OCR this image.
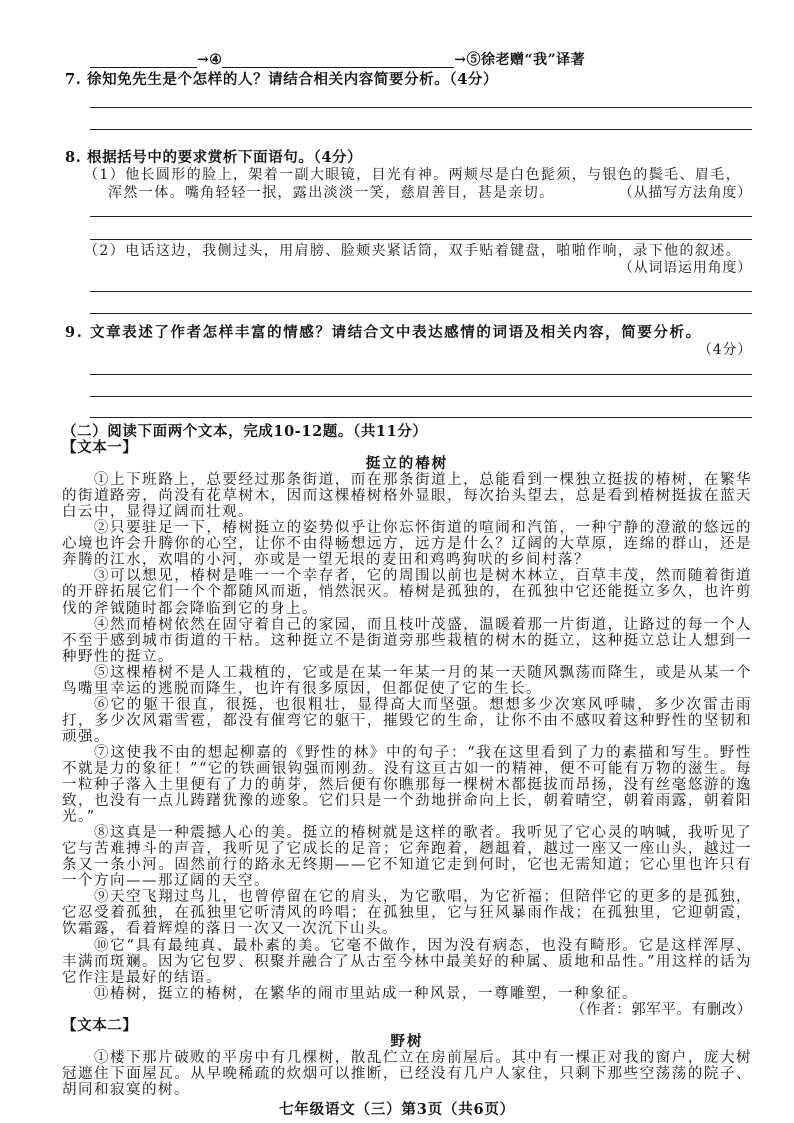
→④	→⑤徐老赠“我”译著
7. 徐知免先生是个怎样的人？请结合相关内容简要分析。（4分）
8. 根据括号中的要求赏析下面语句。（4分）
（1）他长圆形的脸上，架着一副大眼镜，目光有神。两颊尽是白色髭须，与银色的鬓毛、眉毛，
浑然一体。嘴角轻轻一抿，露出淡淡一笑，慈眉善目，甚是亲切。	（从描写方法角度）
（2）电话这边，我侧过头，用肩膀、脸颊夹紧话筒，双手贴着键盘，啪啪作响，录下他的叙述。
（从词语运用角度）
9. 文章表述了作者怎样丰富的情感？请结合文中表达感情的词语及相关内容，简要分析。
（4分）
（二）阅读下面两个文本，完成10-12题。（共11分）
【文本一】
挺立的椿树

①上下班路上，总要经过那条街道，而在那条街道上，总能看到一棵独立挺拔的椿树，在繁华的街道路旁，尚没有花草树木，因而这棵椿树格外显眼，每次抬头望去，总是看到椿树挺拔在蓝天白云中，显得辽阔而壮观。

②只要驻足一下，椿树挺立的姿势似乎让你忘怀街道的喧闹和汽笛，一种宁静的澄澈的悠远的心境也许会升腾你的心空，让你不由得畅想远方，远方是什么？辽阔的大草原，连绵的群山，还是奔腾的江水，欢唱的小河，亦或是一望无垠的麦田和鸡鸣狗吠的乡间村落？

③可以想见，椿树是唯一一个幸存者，它的周围以前也是树木林立，百草丰茂，然而随着街道的开辟拓展它们一个个都随风而逝，悄然泯灭。椿树是孤独的，在孤独中它还能挺立多久，也许剪伐的斧钺随时都会降临到它的身上。

④然而椿树依然在固守着自己的家园，而且枝叶茂盛，温暖着那一片街道，让路过的每一个人不至于感到城市街道的干枯。这种挺立不是街道旁那些栽植的树木的挺立，这种挺立总让人想到一种野性的挺立。

⑤这棵椿树不是人工栽植的，它或是在某一年某一月的某一天随风飘荡而降生，或是从某一个鸟嘴里幸运的逃脱而降生，也许有很多原因，但都促使了它的生长。

⑥它的躯干很直，很挺，也很粗壮，显得高大而坚强。想想多少次寒风呼啸，多少次雷击雨打，多少次风霜雪雹，都没有催弯它的躯干，摧毁它的生命，让你不由不感叹着这种野性的坚韧和顽强。

⑦这使我不由的想起柳嘉的《野性的林》中的句子：“我在这里看到了力的素描和写生。野性不就是力的象征！”“它的铁画银钩强而刚劲。没有这亘古如一的精神，便不可能有万物的滋生。每一粒种子落入土里便有了力的萌芽，然后便有你瞧那每一棵树木都挺拔而昂扬，没有丝毫悠游的逸致，也没有一点儿踌躇犹豫的迹象。它们只是一个劲地拼命向上长，朝着晴空，朝着雨露，朝着阳光。”

⑧这真是一种震撼人心的美。挺立的椿树就是这样的歌者。我听见了它心灵的呐喊，我听见了它与苦难搏斗的声音，我听见了它成长的足音；它奔跑着，趔趄着，越过一座又一座山头，越过一条又一条小河。固然前行的路永无终期——它不知道它走到何时，它也无需知道；它心里也许只有一个方向——那辽阔的天空。

⑨天空飞翔过鸟儿，也曾停留在它的肩头，为它歌唱，为它祈福；但陪伴它的更多的是孤独，它忍受着孤独，在孤独里它听清风的吟唱；在孤独里，它与狂风暴雨作战；在孤独里，它迎朝霞，饮霜露，看着辉煌的落日一次又一次沉下山头。

⑩它“具有最纯真、最朴素的美。它毫不做作，因为没有病态，也没有畸形。它是这样浑厚、丰满而斑斓。因为它包罗、积聚并融合了从古至今林中最美好的种属、质地和品性。”用这样的话为它作注是最好的结语。

⑪椿树，挺立的椿树，在繁华的闹市里站成一种风景，一尊雕塑，一种象征。

（作者：郭军平。有删改）
【文本二】
野树

①楼下那片破败的平房中有几棵树，散乱伫立在房前屋后。其中有一棵正对我的窗户，庞大树冠遮住下面屋瓦。从早晚稀疏的炊烟可以推断，已经没有几户人家住，只剩下那些空荡荡的院子、胡同和寂寞的树。

七年级语文（三）第3页（共6页）
